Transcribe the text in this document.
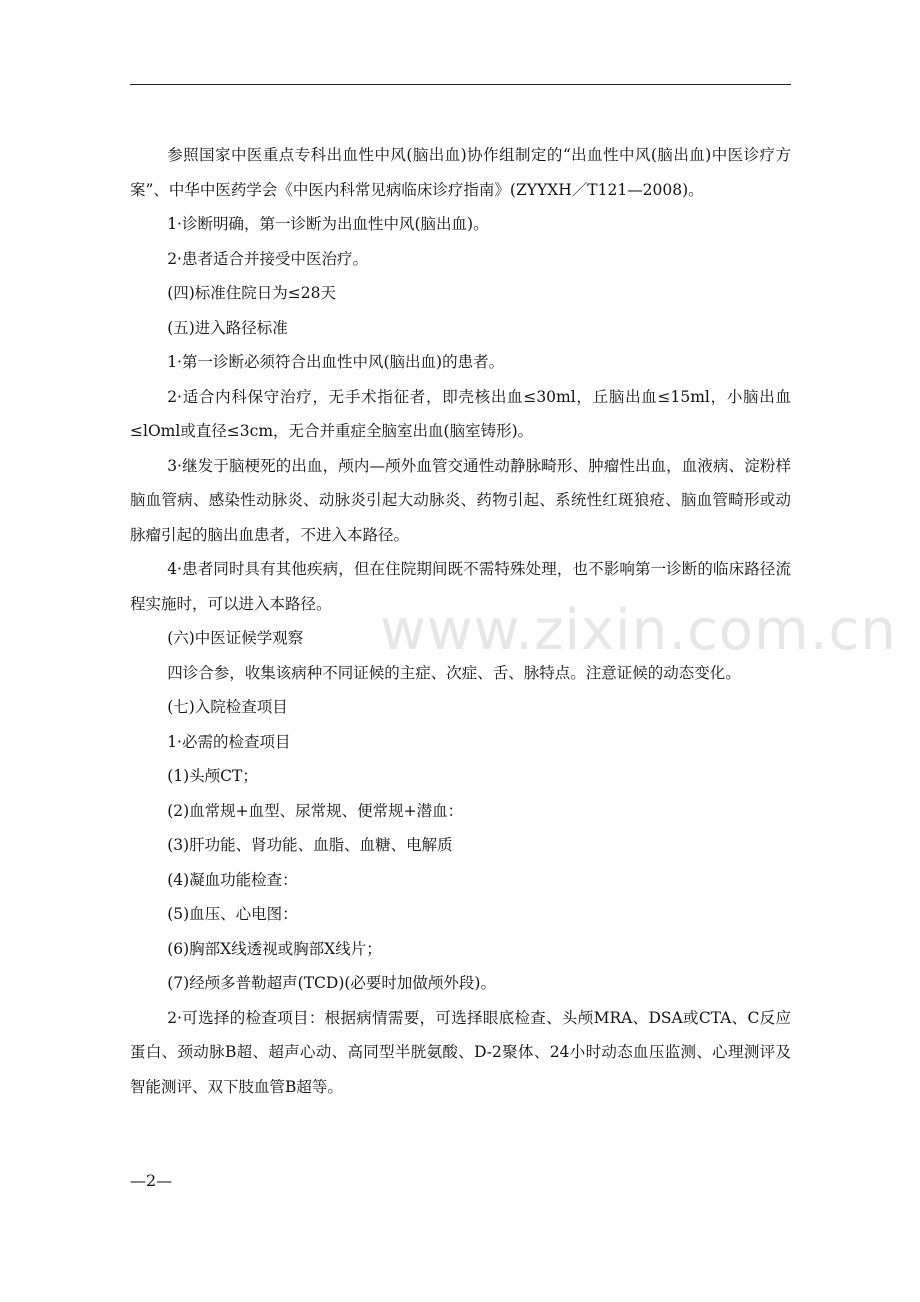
参照国家中医重点专科出血性中风(脑出血)协作组制定的“出血性中风(脑出血)中医诊疗方案”、中华中医药学会《中医内科常见病临床诊疗指南》(ZYYXH／T121—2008)。

1·诊断明确，第一诊断为出血性中风(脑出血)。

2·患者适合并接受中医治疗。

(四)标准住院日为≤28天

(五)进入路径标准

1·第一诊断必须符合出血性中风(脑出血)的患者。

2·适合内科保守治疗，无手术指征者，即壳核出血≤30ml，丘脑出血≤15ml，小脑出血≤lOml或直径≤3cm，无合并重症全脑室出血(脑室铸形)。

3·继发于脑梗死的出血，颅内—颅外血管交通性动静脉畸形、肿瘤性出血，血液病、淀粉样脑血管病、感染性动脉炎、动脉炎引起大动脉炎、药物引起、系统性红斑狼疮、脑血管畸形或动脉瘤引起的脑出血患者，不进入本路径。

4·患者同时具有其他疾病，但在住院期间既不需特殊处理，也不影响第一诊断的临床路径流程实施时，可以进入本路径。

(六)中医证候学观察

四诊合参，收集该病种不同证候的主症、次症、舌、脉特点。注意证候的动态变化。

(七)入院检查项目

1·必需的检查项目

(1)头颅CT；

(2)血常规+血型、尿常规、便常规+潜血：

(3)肝功能、肾功能、血脂、血糖、电解质

(4)凝血功能检查：

(5)血压、心电图：

(6)胸部X线透视或胸部X线片；

(7)经颅多普勒超声(TCD)(必要时加做颅外段)。

2·可选择的检查项目：根据病情需要，可选择眼底检查、头颅MRA、DSA或CTA、C反应蛋白、颈动脉B超、超声心动、高同型半胱氨酸、D-2聚体、24小时动态血压监测、心理测评及智能测评、双下肢血管B超等。

www.zixin.com.cn
—2—
